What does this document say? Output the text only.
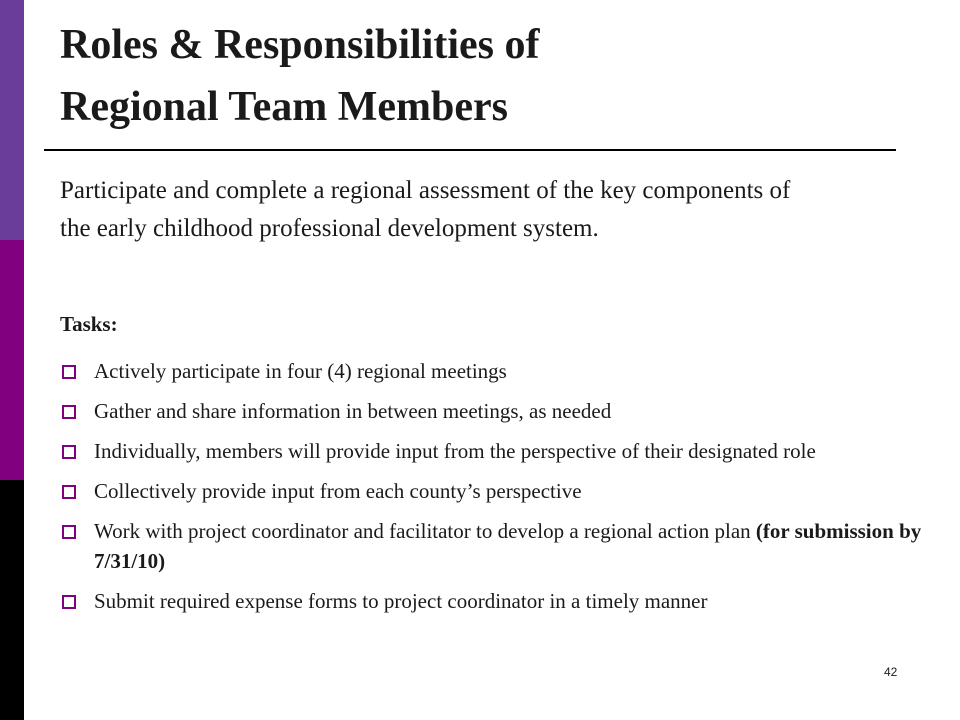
Roles & Responsibilities of
Regional Team Members

Participate and complete a regional assessment of the key components of the early childhood professional development system.

Tasks:

Actively participate in four (4) regional meetings
Gather and share information in between meetings, as needed
Individually, members will provide input from the perspective of their designated role
Collectively provide input from each county’s perspective
Work with project coordinator and facilitator to develop a regional action plan (for submission by 7/31/10)
Submit required expense forms to project coordinator in a timely manner
42
